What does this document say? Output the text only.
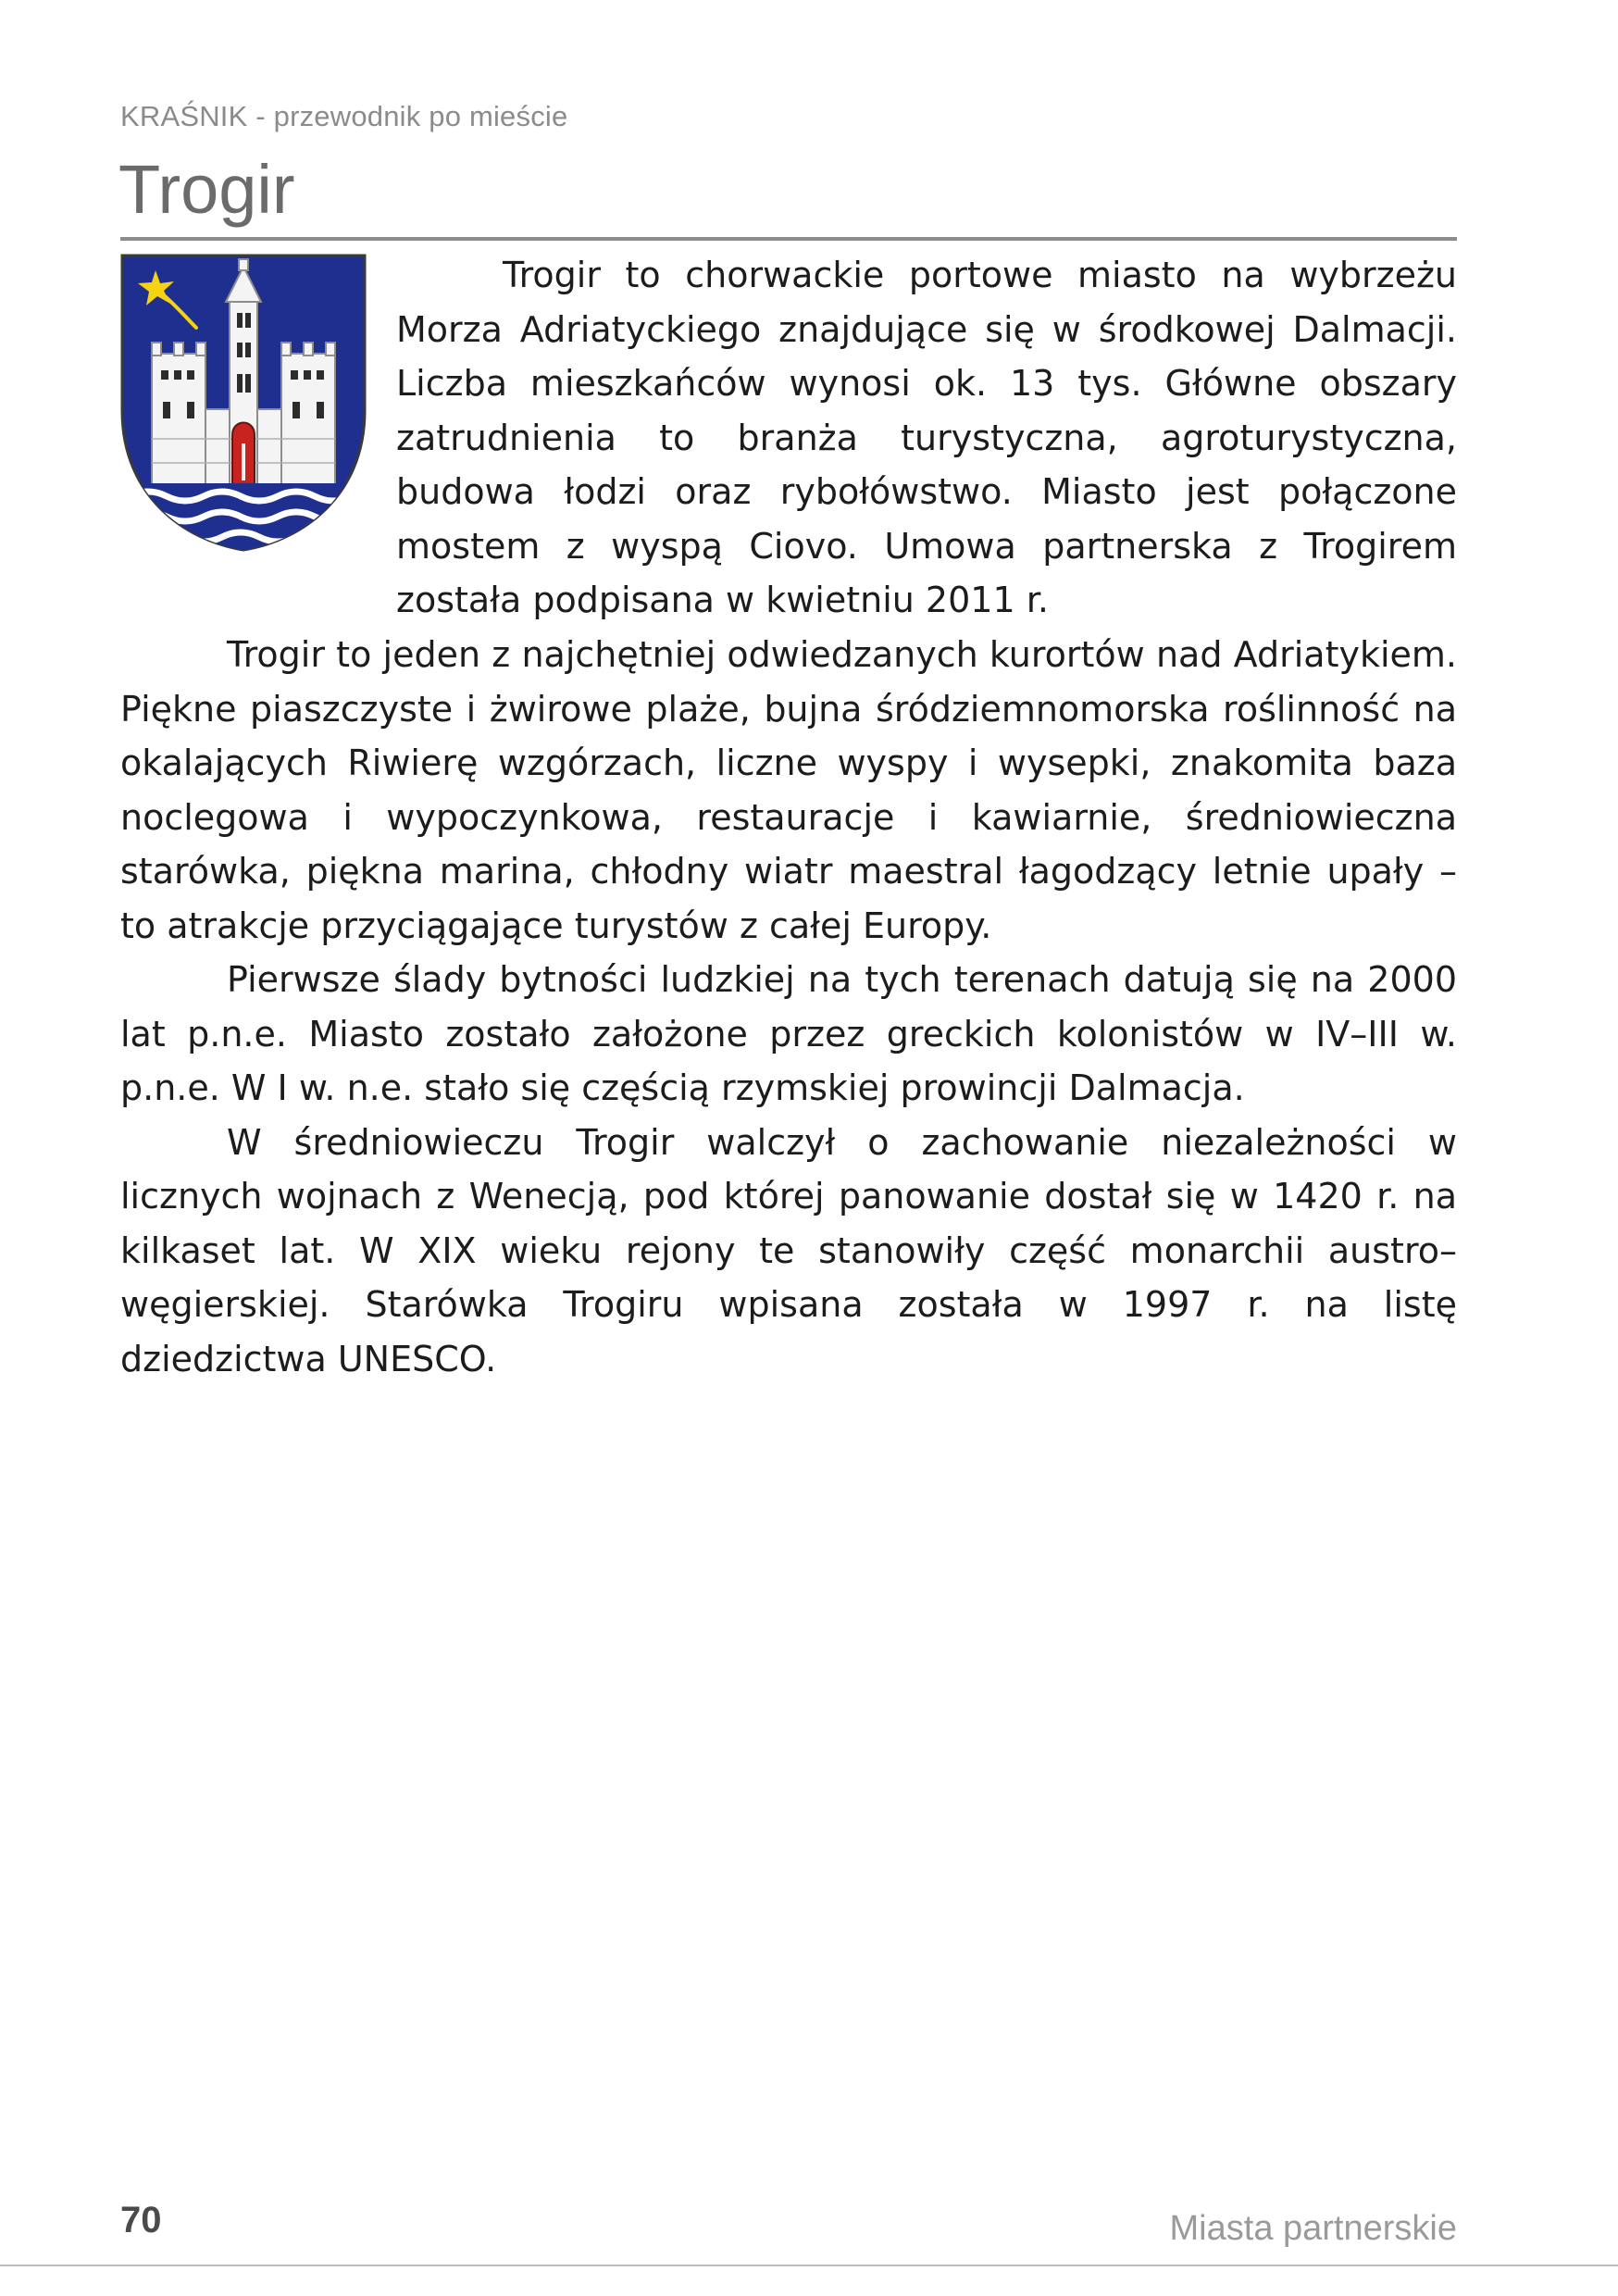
KRAŚNIK - przewodnik po mieście
Trogir

Trogir to chorwackie portowe miasto na wybrzeżu Morza Adriatyckiego znajdujące się w środkowej Dalmacji. Liczba mieszkańców wynosi ok. 13 tys. Główne obszary zatrudnienia to branża turystyczna, agroturystyczna, budowa łodzi oraz rybołówstwo. Miasto jest połączone mostem z wyspą Ciovo. Umowa partnerska z Trogirem została podpisana w kwietniu 2011 r.

Trogir to jeden z najchętniej odwiedzanych kurortów nad Adriatykiem. Piękne piaszczyste i żwirowe plaże, bujna śródziemnomorska roślinność na okalających Riwierę wzgórzach, liczne wyspy i wysepki, znakomita baza noclegowa i wypoczynkowa, restauracje i kawiarnie, średniowieczna starówka, piękna marina, chłodny wiatr maestral łagodzący letnie upały – to atrakcje przyciągające turystów z całej Europy.

Pierwsze ślady bytności ludzkiej na tych terenach datują się na 2000 lat p.n.e. Miasto zostało założone przez greckich kolonistów w IV–III w. p.n.e. W I w. n.e. stało się częścią rzymskiej prowincji Dalmacja.

W średniowieczu Trogir walczył o zachowanie niezależności w licznych wojnach z Wenecją, pod której panowanie dostał się w 1420 r. na kilkaset lat. W XIX wieku rejony te stanowiły część monarchii austro–węgierskiej. Starówka Trogiru wpisana została w 1997 r. na listę dziedzictwa UNESCO.

70	Miasta partnerskie
